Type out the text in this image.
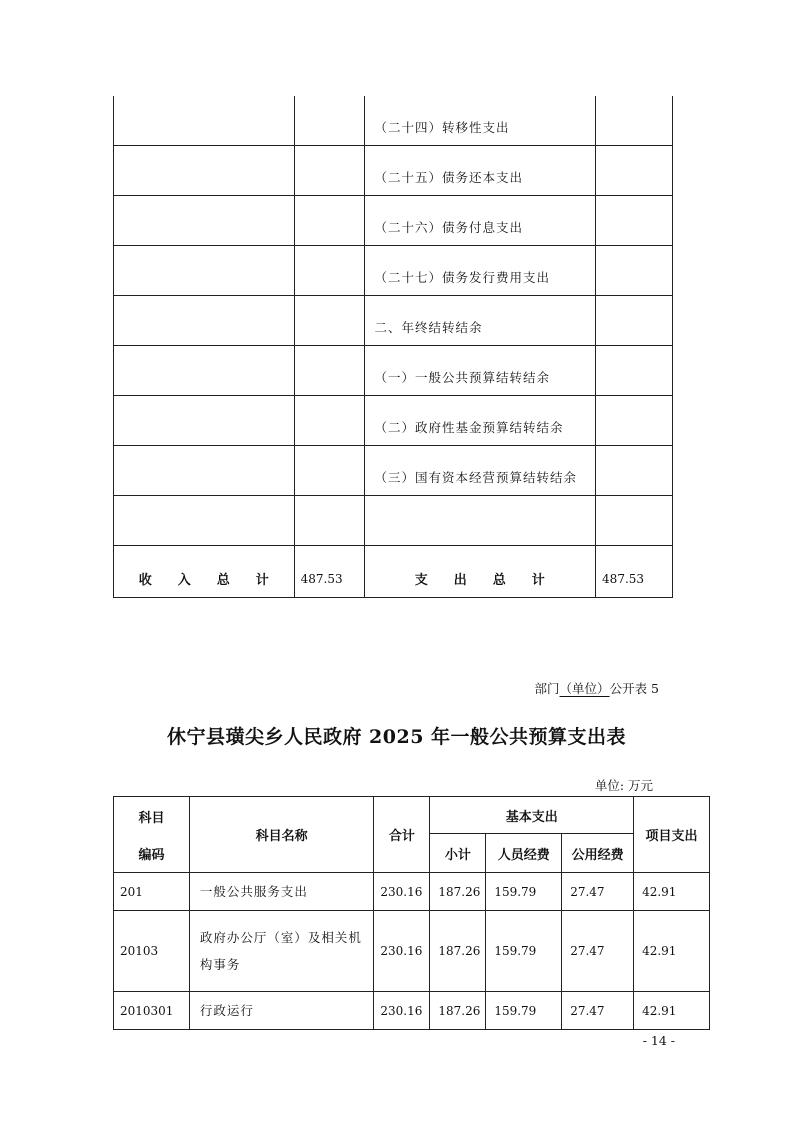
		（二十四）转移性支出	
		（二十五）债务还本支出	
		（二十六）债务付息支出	
		（二十七）债务发行费用支出	
		二、年终结转结余	
		（一）一般公共预算结转结余	
		（二）政府性基金预算结转结余	
		（三）国有资本经营预算结转结余	

收　　入　　总　　计	487.53	支　　出　　总　　计	487.53
部门（单位）公开表 5
休宁县璜尖乡人民政府 2025 年一般公共预算支出表
单位: 万元
科目
编码	科目名称	合计	基本支出			项目支出
			小计	人员经费	公用经费	
201	一般公共服务支出	230.16	187.26	159.79	27.47	42.91
20103	政府办公厅（室）及相关机构事务	230.16	187.26	159.79	27.47	42.91
2010301	行政运行	230.16	187.26	159.79	27.47	42.91
- 14 -
